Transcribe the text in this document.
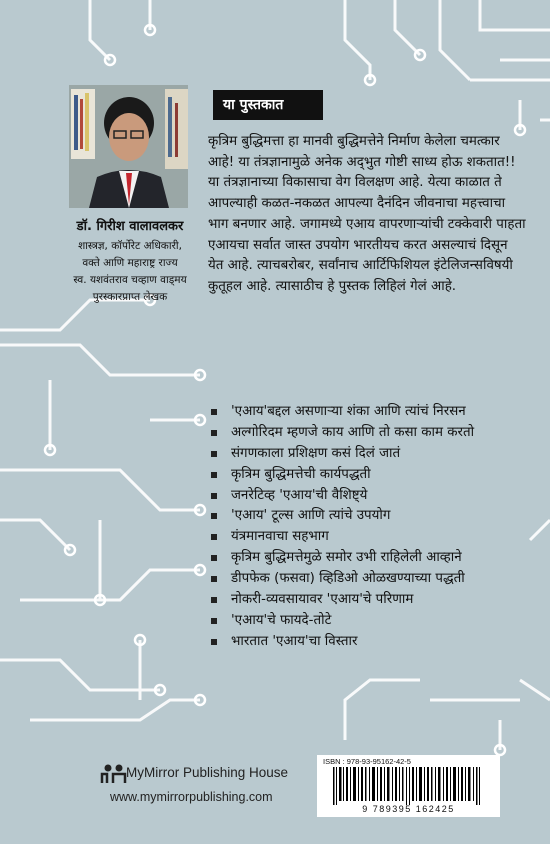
डॉ. गिरीश वालावलकर
शास्त्रज्ञ, कॉर्पोरेट अधिकारी,
वक्ते आणि महाराष्ट्र राज्य
स्व. यशवंतराव चव्हाण वाड्मय
पुरस्कारप्राप्त लेखक
या पुस्तकात

कृत्रिम बुद्धिमत्ता हा मानवी बुद्धिमत्तेने निर्माण केलेला चमत्कार आहे! या तंत्रज्ञानामुळे अनेक अद्‌भुत गोष्टी साध्य होऊ शकतात!!
या तंत्रज्ञानाच्या विकासाचा वेग विलक्षण आहे. येत्या काळात ते आपल्याही कळत-नकळत आपल्या दैनंदिन जीवनाचा महत्त्वाचा भाग बनणार आहे. जगामध्ये एआय वापरणाऱ्यांची टक्केवारी पाहता एआयचा सर्वात जास्त उपयोग भारतीयच करत असल्याचं दिसून येत आहे. त्याचबरोबर, सर्वांनाच आर्टिफिशियल इंटेलिजन्सविषयी कुतूहल आहे. त्यासाठीच हे पुस्तक लिहिलं गेलं आहे.

'एआय'बद्दल असणाऱ्या शंका आणि त्यांचं निरसन
अल्गोरिदम म्हणजे काय आणि तो कसा काम करतो
संगणकाला प्रशिक्षण कसं दिलं जातं
कृत्रिम बुद्धिमत्तेची कार्यपद्धती
जनरेटिव्ह 'एआय'ची वैशिष्ट्ये
'एआय' टूल्स आणि त्यांचे उपयोग
यंत्रमानवाचा सहभाग
कृत्रिम बुद्धिमत्तेमुळे समोर उभी राहिलेली आव्हाने
डीपफेक (फसवा) व्हिडिओ ओळखण्याच्या पद्धती
नोकरी-व्यवसायावर 'एआय'चे परिणाम
'एआय'चे फायदे-तोटे
भारतात 'एआय'चा विस्तार
MyMirror Publishing House
www.mymirrorpublishing.com
ISBN : 978-93-95162-42-5
9 789395 162425
